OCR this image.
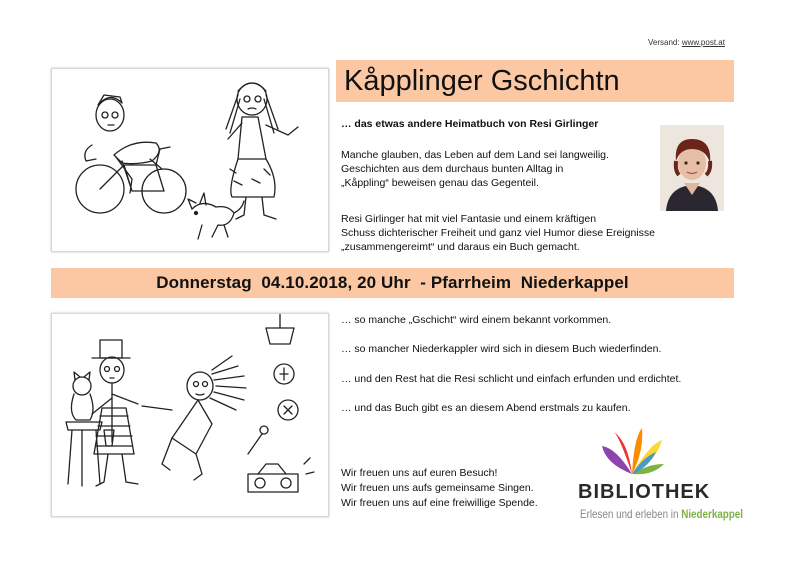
Versand: www.post.at
Kåpplinger Gschichtn
… das etwas andere Heimatbuch von Resi Girlinger
Manche glauben, das Leben auf dem Land sei langweilig.
Geschichten aus dem durchaus bunten Alltag in
„Kåppling“ beweisen genau das Gegenteil.
Resi Girlinger hat mit viel Fantasie und einem kräftigen
Schuss dichterischer Freiheit und ganz viel Humor diese Ereignisse
„zusammengereimt“ und daraus ein Buch gemacht.
Donnerstag  04.10.2018, 20 Uhr  - Pfarrheim  Niederkappel
… so manche „Gschicht“ wird einem bekannt vorkommen.
… so mancher Niederkappler wird sich in diesem Buch wiederfinden.
… und den Rest hat die Resi schlicht und einfach erfunden und erdichtet.
… und das Buch gibt es an diesem Abend erstmals zu kaufen.
Wir freuen uns auf euren Besuch!
Wir freuen uns aufs gemeinsame Singen.
Wir freuen uns auf eine freiwillige Spende. BIBLIOTHEK
Erlesen und erleben in Niederkappel
